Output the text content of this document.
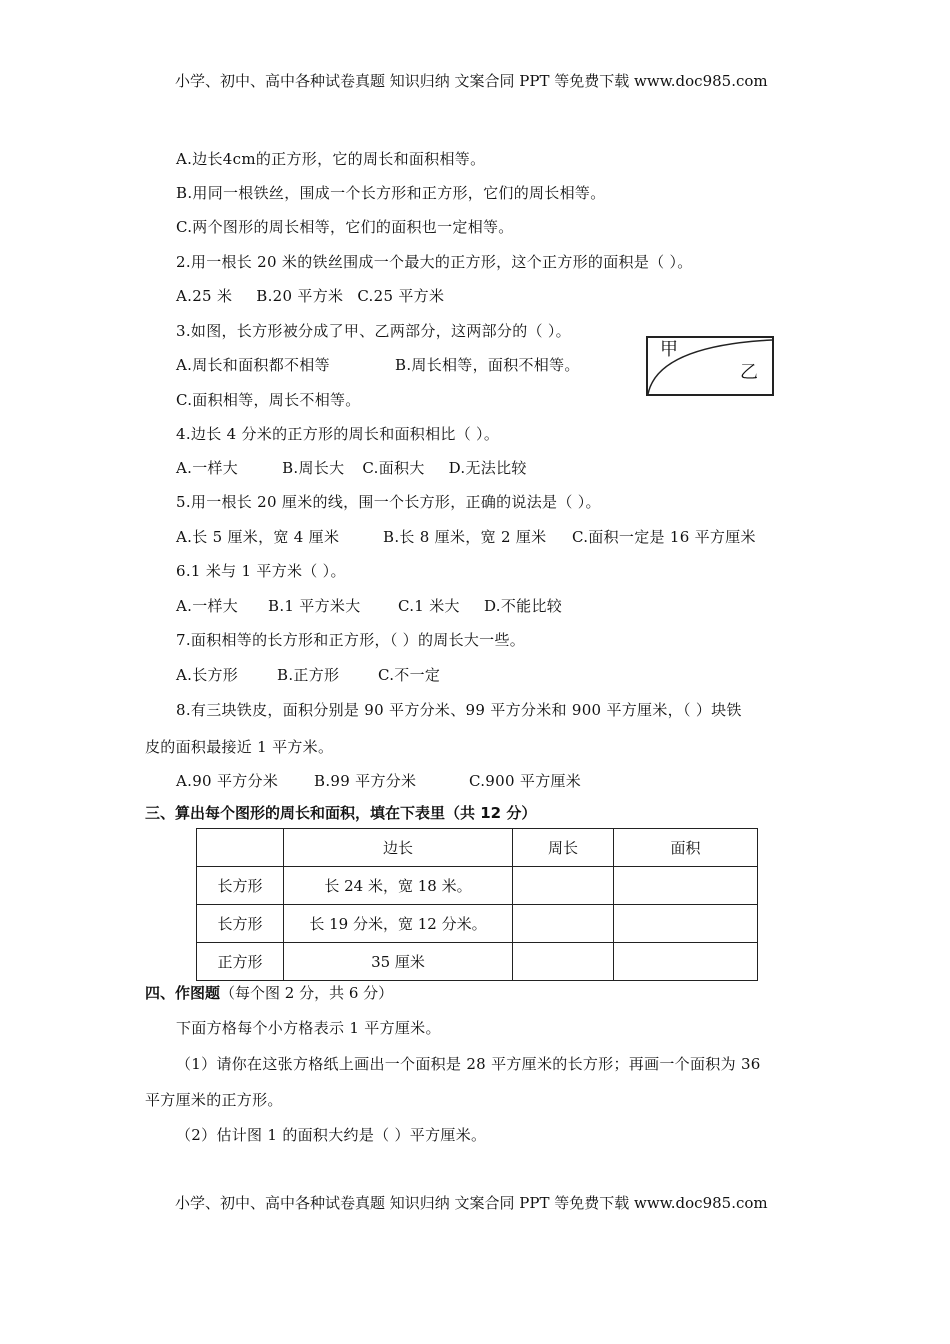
小学、初中、高中各种试卷真题 知识归纳 文案合同 PPT 等免费下载 www.doc985.com
A.边长4cm的正方形，它的周长和面积相等。
B.用同一根铁丝，围成一个长方形和正方形，它们的周长相等。
C.两个图形的周长相等，它们的面积也一定相等。
2.用一根长 20 米的铁丝围成一个最大的正方形，这个正方形的面积是（ ）。
A.25 米 B.20 平方米 C.25 平方米
3.如图，长方形被分成了甲、乙两部分，这两部分的（ ）。
A.周长和面积都不相等	B.周长相等，面积不相等。
C.面积相等，周长不相等。
甲
乙
4.边长 4 分米的正方形的周长和面积相比（ ）。
A.一样大	B.周长大 C.面积大 D.无法比较
5.用一根长 20 厘米的线，围一个长方形，正确的说法是（ ）。
A.长 5 厘米，宽 4 厘米	B.长 8 厘米，宽 2 厘米 C.面积一定是 16 平方厘米
6.1 米与 1 平方米（ ）。
A.一样大 B.1 平方米大 C.1 米大 D.不能比较
7.面积相等的长方形和正方形，（ ）的周长大一些。
A.长方形	B.正方形	C.不一定
8.有三块铁皮，面积分别是 90 平方分米、99 平方分米和 900 平方厘米，（ ）块铁
皮的面积最接近 1 平方米。
A.90 平方分米 B.99 平方分米	C.900 平方厘米
三、算出每个图形的周长和面积，填在下表里（共 12 分）
	边长	周长	面积
长方形	长 24 米，宽 18 米。		
长方形	长 19 分米，宽 12 分米。		
正方形	35 厘米		
四、作图题（每个图 2 分，共 6 分）
下面方格每个小方格表示 1 平方厘米。
（1）请你在这张方格纸上画出一个面积是 28 平方厘米的长方形；再画一个面积为 36
平方厘米的正方形。
（2）估计图 1 的面积大约是（ ）平方厘米。
小学、初中、高中各种试卷真题 知识归纳 文案合同 PPT 等免费下载 www.doc985.com
